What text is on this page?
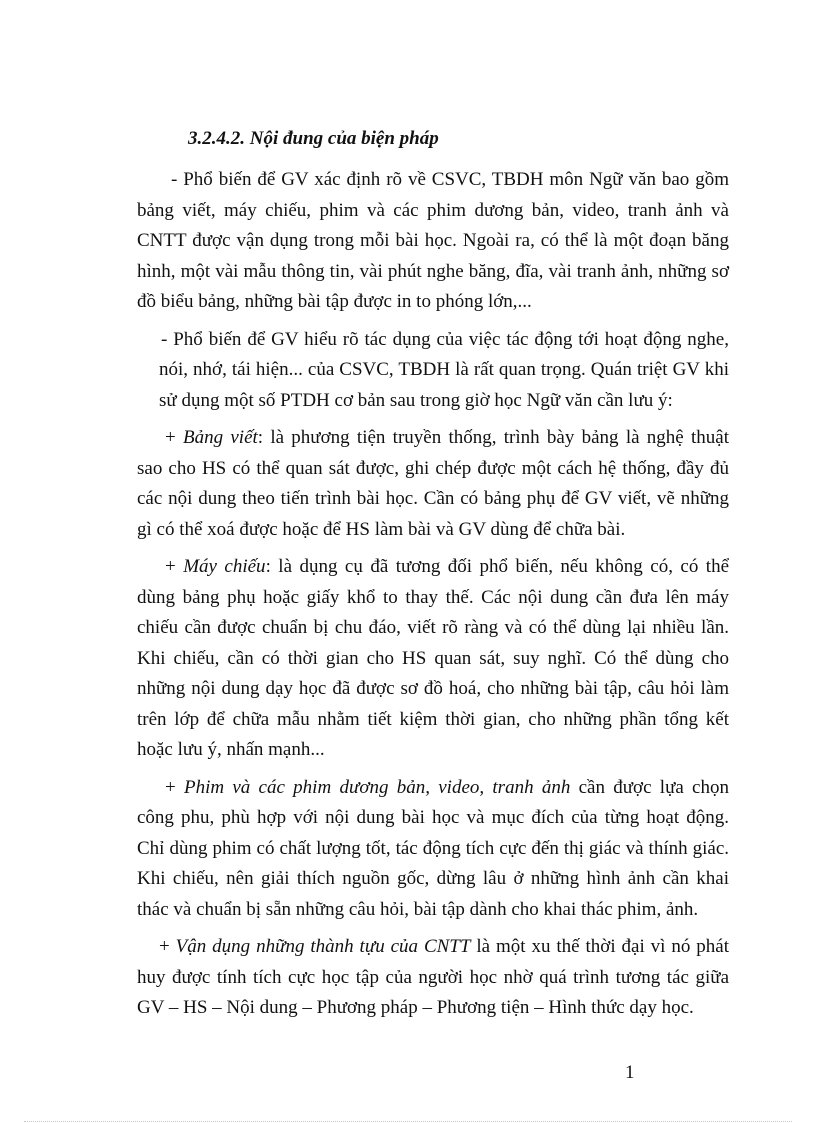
3.2.4.2. Nội đung của biện pháp
- Phổ biến để GV xác định rõ về CSVC, TBDH môn Ngữ văn bao gồm
bảng viết, máy chiếu, phim và các phim dương bản, video, tranh ảnh và
CNTT được vận dụng trong mỗi bài học. Ngoài ra, có thể là một đoạn băng
hình, một vài mẫu thông tin, vài phút nghe băng, đĩa, vài tranh ảnh, những sơ
đồ biểu bảng, những bài tập được in to phóng lớn,...
- Phổ biến để GV hiểu rõ tác dụng của việc tác động tới hoạt động nghe,
nói, nhớ, tái hiện... của CSVC, TBDH là rất quan trọng. Quán triệt GV khi
sử dụng một số PTDH cơ bản sau trong giờ học Ngữ văn cần lưu ý:
+ Bảng viết: là phương tiện truyền thống, trình bày bảng là nghệ thuật
sao cho HS có thể quan sát được, ghi chép được một cách hệ thống, đầy đủ
các nội dung theo tiến trình bài học. Cần có bảng phụ để GV viết, vẽ những
gì có thể xoá được hoặc để HS làm bài và GV dùng để chữa bài.
+ Máy chiếu: là dụng cụ đã tương đối phổ biến, nếu không có, có thể
dùng bảng phụ hoặc giấy khổ to thay thế. Các nội dung cần đưa lên máy
chiếu cần được chuẩn bị chu đáo, viết rõ ràng và có thể dùng lại nhiều lần.
Khi chiếu, cần có thời gian cho HS quan sát, suy nghĩ. Có thể dùng cho
những nội dung dạy học đã được sơ đồ hoá, cho những bài tập, câu hỏi làm
trên lớp để chữa mẫu nhằm tiết kiệm thời gian, cho những phần tổng kết
hoặc lưu ý, nhấn mạnh...
+ Phim và các phim dương bản, video, tranh ảnh cần được lựa chọn
công phu, phù hợp với nội dung bài học và mục đích của từng hoạt động.
Chỉ dùng phim có chất lượng tốt, tác động tích cực đến thị giác và thính giác.
Khi chiếu, nên giải thích nguồn gốc, dừng lâu ở những hình ảnh cần khai
thác và chuẩn bị sẵn những câu hỏi, bài tập dành cho khai thác phim, ảnh.
+ Vận dụng những thành tựu của CNTT là một xu thế thời đại vì nó phát
huy được tính tích cực học tập của người học nhờ quá trình tương tác giữa
GV – HS – Nội dung – Phương pháp – Phương tiện – Hình thức dạy học.
1
